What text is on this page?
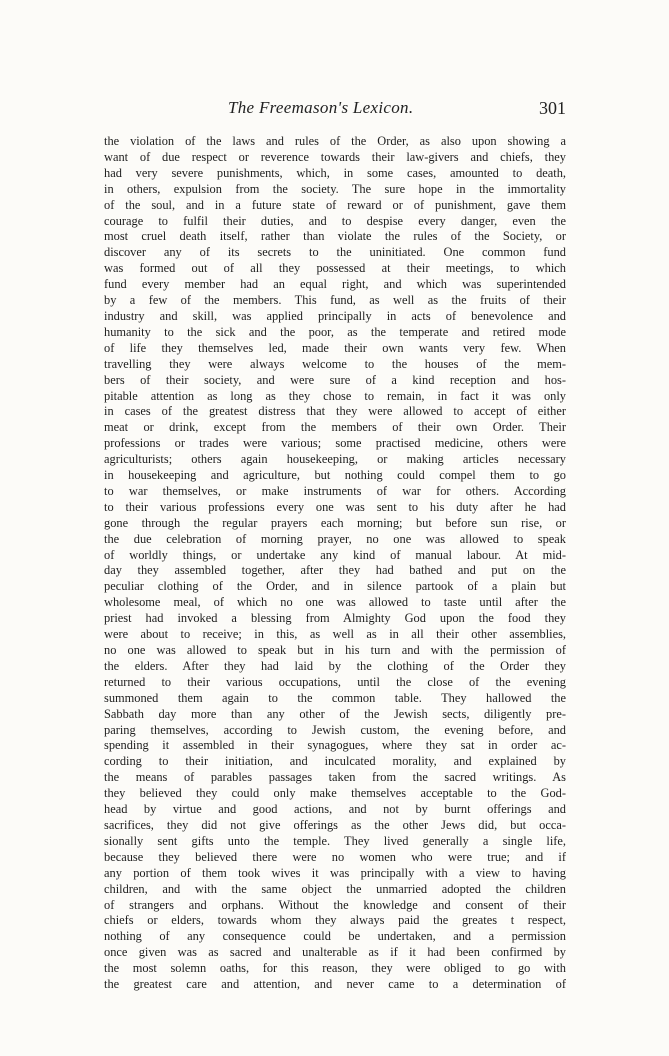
The Freemason's Lexicon.	301
the violation of the laws and rules of the Order, as also upon showing a
want of due respect or reverence towards their law-givers and chiefs, they
had very severe punishments, which, in some cases, amounted to death,
in others, expulsion from the society. The sure hope in the immortality
of the soul, and in a future state of reward or of punishment, gave them
courage to fulfil their duties, and to despise every danger, even the
most cruel death itself, rather than violate the rules of the Society, or
discover any of its secrets to the uninitiated. One common fund
was formed out of all they possessed at their meetings, to which
fund every member had an equal right, and which was superintended
by a few of the members. This fund, as well as the fruits of their
industry and skill, was applied principally in acts of benevolence and
humanity to the sick and the poor, as the temperate and retired mode
of life they themselves led, made their own wants very few. When
travelling they were always welcome to the houses of the mem-
bers of their society, and were sure of a kind reception and hos-
pitable attention as long as they chose to remain, in fact it was only
in cases of the greatest distress that they were allowed to accept of either
meat or drink, except from the members of their own Order. Their
professions or trades were various; some practised medicine, others were
agriculturists; others again housekeeping, or making articles necessary
in housekeeping and agriculture, but nothing could compel them to go
to war themselves, or make instruments of war for others. According
to their various professions every one was sent to his duty after he had
gone through the regular prayers each morning; but before sun rise, or
the due celebration of morning prayer, no one was allowed to speak
of worldly things, or undertake any kind of manual labour. At mid-
day they assembled together, after they had bathed and put on the
peculiar clothing of the Order, and in silence partook of a plain but
wholesome meal, of which no one was allowed to taste until after the
priest had invoked a blessing from Almighty God upon the food they
were about to receive; in this, as well as in all their other assemblies,
no one was allowed to speak but in his turn and with the permission of
the elders. After they had laid by the clothing of the Order they
returned to their various occupations, until the close of the evening
summoned them again to the common table. They hallowed the
Sabbath day more than any other of the Jewish sects, diligently pre-
paring themselves, according to Jewish custom, the evening before, and
spending it assembled in their synagogues, where they sat in order ac-
cording to their initiation, and inculcated morality, and explained by
the means of parables passages taken from the sacred writings. As
they believed they could only make themselves acceptable to the God-
head by virtue and good actions, and not by burnt offerings and
sacrifices, they did not give offerings as the other Jews did, but occa-
sionally sent gifts unto the temple. They lived generally a single life,
because they believed there were no women who were true; and if
any portion of them took wives it was principally with a view to having
children, and with the same object the unmarried adopted the children
of strangers and orphans. Without the knowledge and consent of their
chiefs or elders, towards whom they always paid the greates t respect,
nothing of any consequence could be undertaken, and a permission
once given was as sacred and unalterable as if it had been confirmed by
the most solemn oaths, for this reason, they were obliged to go with
the greatest care and attention, and never came to a determination of
